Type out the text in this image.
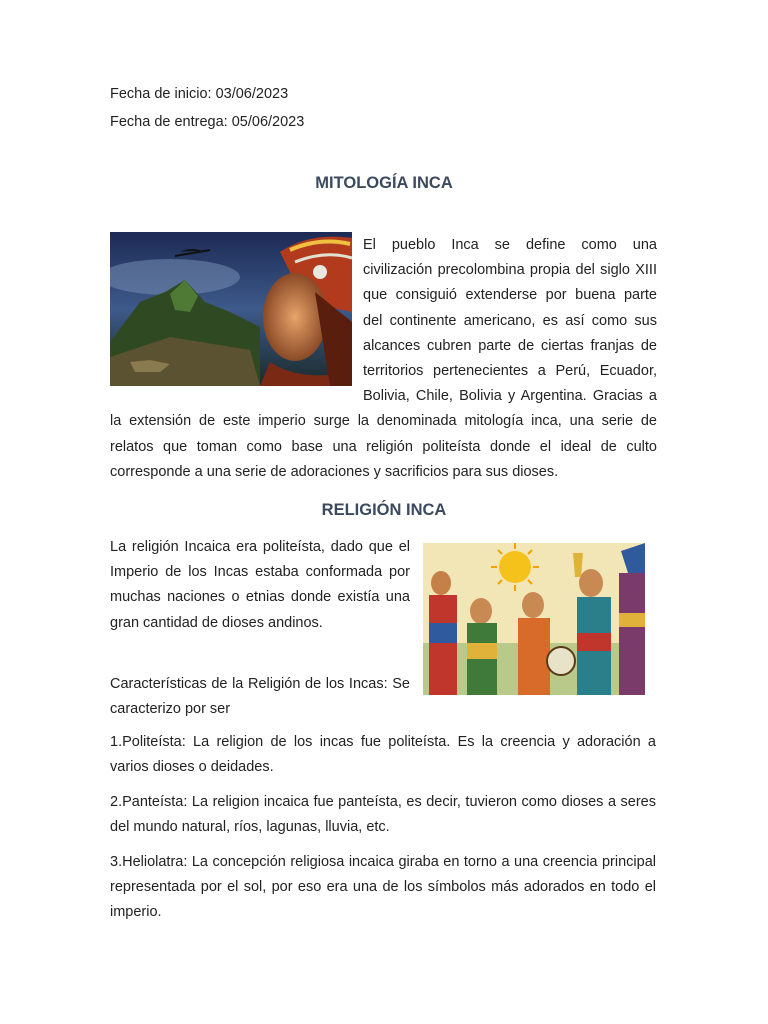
Fecha de inicio: 03/06/2023
Fecha de entrega: 05/06/2023
MITOLOGÍA INCA

El pueblo Inca se define como una civilización precolombina propia del siglo XIII que consiguió extenderse por buena parte del continente americano, es así como sus alcances cubren parte de ciertas franjas de territorios pertenecientes a Perú, Ecuador, Bolivia, Chile, Bolivia y Argentina. Gracias a la extensión de este imperio surge la denominada mitología inca, una serie de relatos que toman como base una religión politeísta donde el ideal de culto corresponde a una serie de adoraciones y sacrificios para sus dioses.

RELIGIÓN INCA

La religión Incaica era politeísta, dado que el Imperio de los Incas estaba conformada por muchas naciones o etnias donde existía una gran cantidad de dioses andinos.

Características de la Religión de los Incas: Se caracterizo por ser

1.Politeísta: La religion de los incas fue politeísta. Es la creencia y adoración a varios dioses o deidades.

2.Panteísta: La religion incaica fue panteísta, es decir, tuvieron como dioses a seres del mundo natural, ríos, lagunas, lluvia, etc.

3.Heliolatra: La concepción religiosa incaica giraba en torno a una creencia principal representada por el sol, por eso era una de los símbolos más adorados en todo el imperio.
